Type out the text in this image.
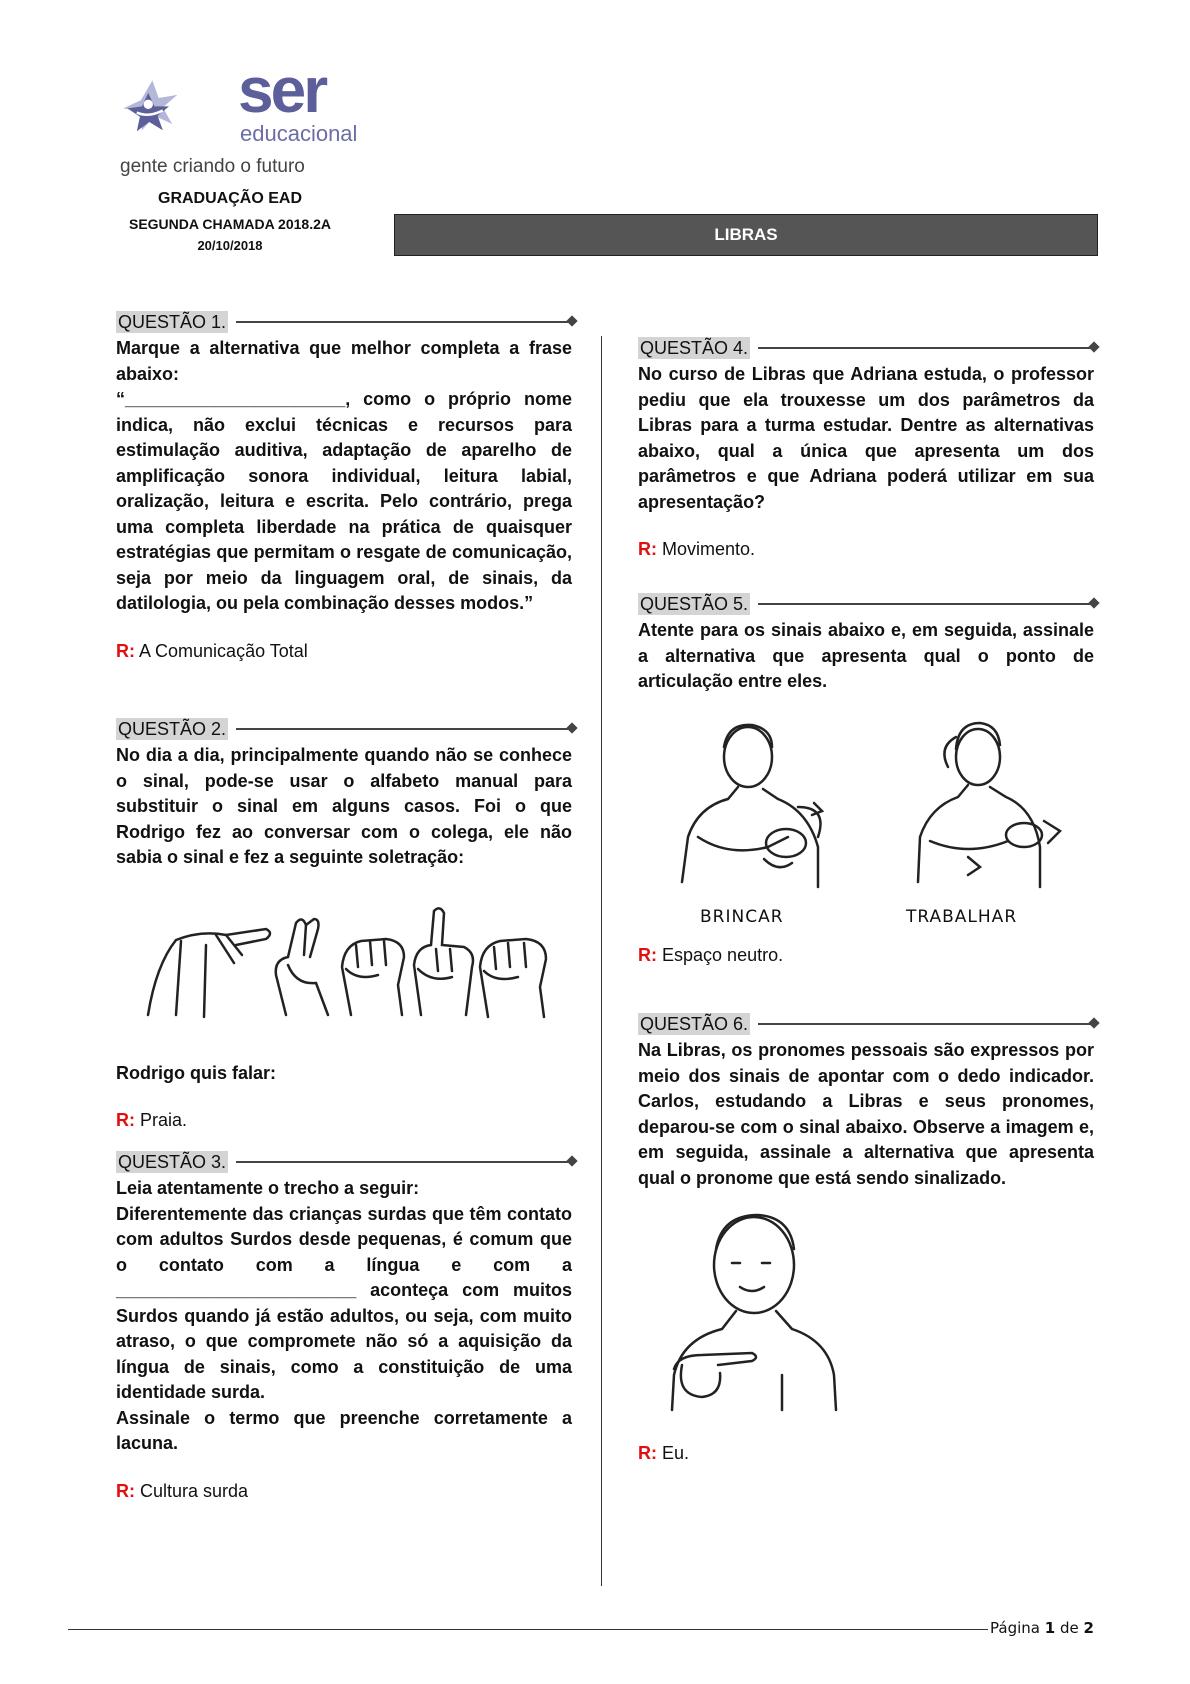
ser
educacional
gente criando o futuro
GRADUAÇÃO EAD
SEGUNDA CHAMADA 2018.2A
20/10/2018
LIBRAS
QUESTÃO 1.

Marque a alternativa que melhor completa a frase abaixo:

“______________________, como o próprio nome indica, não exclui técnicas e recursos para estimulação auditiva, adaptação de aparelho de amplificação sonora individual, leitura labial, oralização, leitura e escrita. Pelo contrário, prega uma completa liberdade na prática de quaisquer estratégias que permitam o resgate de comunicação, seja por meio da linguagem oral, de sinais, da datilologia, ou pela combinação desses modos.”

R: A Comunicação Total

QUESTÃO 2.

No dia a dia, principalmente quando não se conhece o sinal, pode-se usar o alfabeto manual para substituir o sinal em alguns casos. Foi o que Rodrigo fez ao conversar com o colega, ele não sabia o sinal e fez a seguinte soletração:

Rodrigo quis falar:

R: Praia.

QUESTÃO 3.

Leia atentamente o trecho a seguir:

Diferentemente das crianças surdas que têm contato com adultos Surdos desde pequenas, é comum que o contato com a língua e com a ________________________ aconteça com muitos Surdos quando já estão adultos, ou seja, com muito atraso, o que compromete não só a aquisição da língua de sinais, como a constituição de uma identidade surda.

Assinale o termo que preenche corretamente a lacuna.

R: Cultura surda

QUESTÃO 4.

No curso de Libras que Adriana estuda, o professor pediu que ela trouxesse um dos parâmetros da Libras para a turma estudar. Dentre as alternativas abaixo, qual a única que apresenta um dos parâmetros e que Adriana poderá utilizar em sua apresentação?

R: Movimento.

QUESTÃO 5.

Atente para os sinais abaixo e, em seguida, assinale a alternativa que apresenta qual o ponto de articulação entre eles.

BRINCAR	TRABALHAR

R: Espaço neutro.

QUESTÃO 6.

Na Libras, os pronomes pessoais são expressos por meio dos sinais de apontar com o dedo indicador. Carlos, estudando a Libras e seus pronomes, deparou-se com o sinal abaixo. Observe a imagem e, em seguida, assinale a alternativa que apresenta qual o pronome que está sendo sinalizado.

R: Eu.

Página 1 de 2
